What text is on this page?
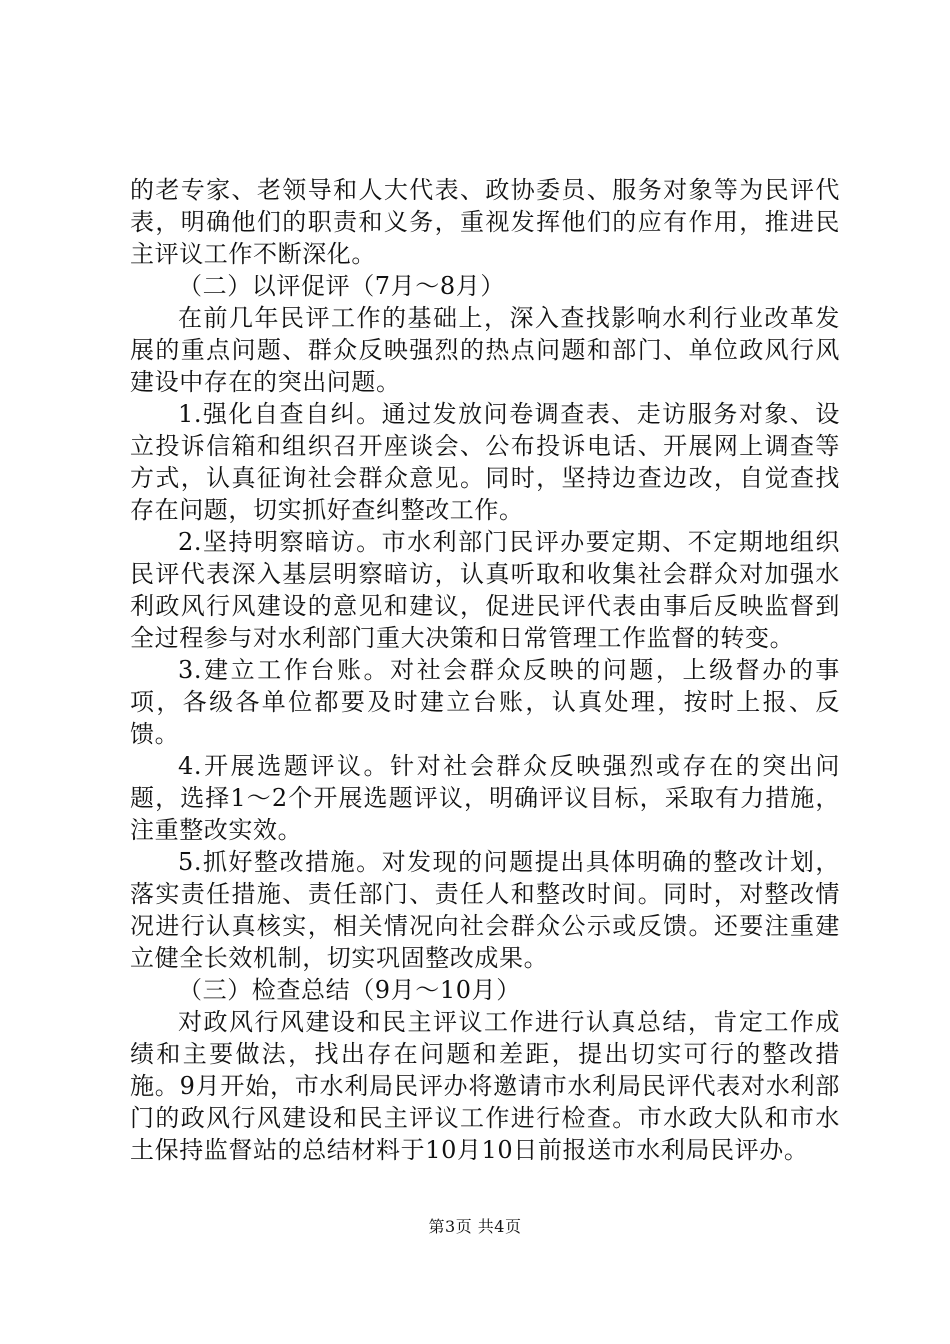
的老专家、老领导和人大代表、政协委员、服务对象等为民评代表，明确他们的职责和义务，重视发挥他们的应有作用，推进民主评议工作不断深化。

（二）以评促评（7月～8月）

在前几年民评工作的基础上，深入查找影响水利行业改革发展的重点问题、群众反映强烈的热点问题和部门、单位政风行风建设中存在的突出问题。

1.强化自查自纠。通过发放问卷调查表、走访服务对象、设立投诉信箱和组织召开座谈会、公布投诉电话、开展网上调查等方式，认真征询社会群众意见。同时，坚持边查边改，自觉查找存在问题，切实抓好查纠整改工作。

2.坚持明察暗访。市水利部门民评办要定期、不定期地组织民评代表深入基层明察暗访，认真听取和收集社会群众对加强水利政风行风建设的意见和建议，促进民评代表由事后反映监督到全过程参与对水利部门重大决策和日常管理工作监督的转变。

3.建立工作台账。对社会群众反映的问题，上级督办的事项，各级各单位都要及时建立台账，认真处理，按时上报、反馈。

4.开展选题评议。针对社会群众反映强烈或存在的突出问题，选择1～2个开展选题评议，明确评议目标，采取有力措施，注重整改实效。

5.抓好整改措施。对发现的问题提出具体明确的整改计划，落实责任措施、责任部门、责任人和整改时间。同时，对整改情况进行认真核实，相关情况向社会群众公示或反馈。还要注重建立健全长效机制，切实巩固整改成果。

（三）检查总结（9月～10月）

对政风行风建设和民主评议工作进行认真总结，肯定工作成绩和主要做法，找出存在问题和差距，提出切实可行的整改措施。9月开始，市水利局民评办将邀请市水利局民评代表对水利部门的政风行风建设和民主评议工作进行检查。市水政大队和市水土保持监督站的总结材料于10月10日前报送市水利局民评办。

第3页 共4页
